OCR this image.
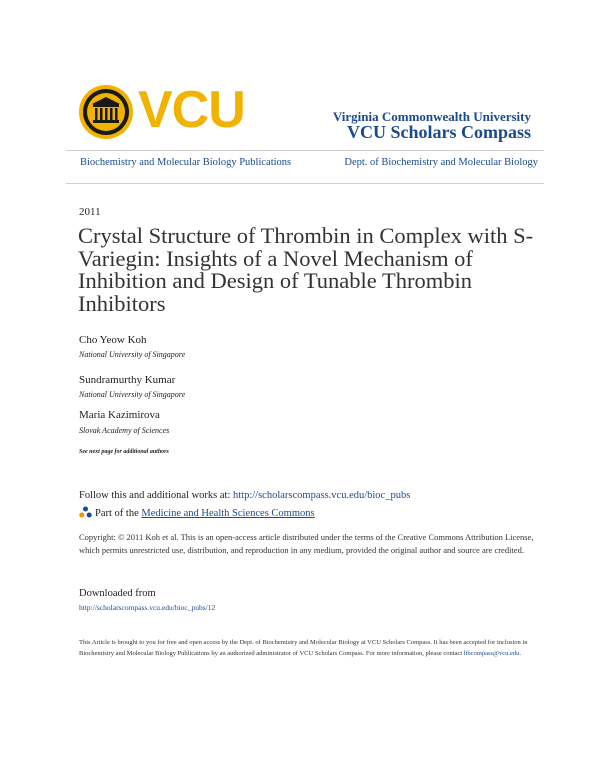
VCU	Virginia Commonwealth University
VCU Scholars Compass
Biochemistry and Molecular Biology Publications	Dept. of Biochemistry and Molecular Biology
2011
Crystal Structure of Thrombin in Complex with S-Variegin: Insights of a Novel Mechanism of Inhibition and Design of Tunable Thrombin Inhibitors
Cho Yeow Koh
National University of Singapore
Sundramurthy Kumar
National University of Singapore
Maria Kazimirova
Slovak Academy of Sciences
See next page for additional authors
Follow this and additional works at: http://scholarscompass.vcu.edu/bioc_pubs
Part of the Medicine and Health Sciences Commons
Copyright: © 2011 Koh et al. This is an open-access article distributed under the terms of the Creative Commons Attribution License, which permits unrestricted use, distribution, and reproduction in any medium, provided the original author and source are credited.
Downloaded from
http://scholarscompass.vcu.edu/bioc_pubs/12
This Article is brought to you for free and open access by the Dept. of Biochemistry and Molecular Biology at VCU Scholars Compass. It has been accepted for inclusion in Biochemistry and Molecular Biology Publications by an authorized administrator of VCU Scholars Compass. For more information, please contact libcompass@vcu.edu.
